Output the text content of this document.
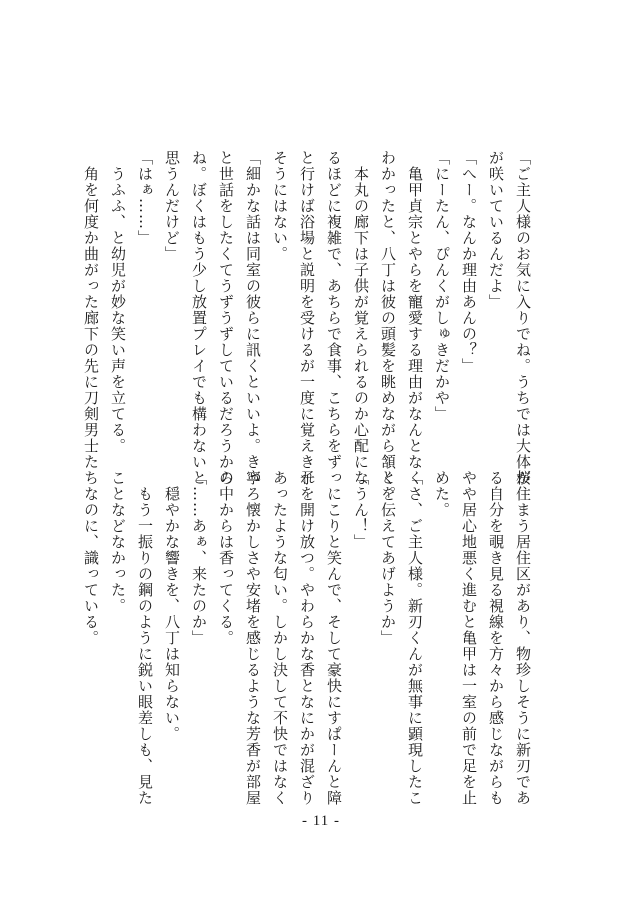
「ご主人様のお気に入りでね。うちでは大体桜
が咲いているんだよ」
「へー。なんか理由あんの？」
「にーたん、ぴんくがしゅきだかや」
　亀甲貞宗とやらを寵愛する理由がなんとなく
わかったと、八丁は彼の頭髪を眺めながら頷く。
　本丸の廊下は子供が覚えられるのか心配にな
るほどに複雑で、あちらで食事、こちらをずっ
と行けば浴場と説明を受けるが一度に覚えきれ
そうにはない。
「細かな話は同室の彼らに訊くといいよ。きっ
と世話をしたくてうずうずしているだろうから
ね。ぼくはもう少し放置プレイでも構わないと
思うんだけど」
「はぁ……」
　うふふ、と幼児が妙な笑い声を立てる。
　角を何度か曲がった廊下の先に刀剣男士たち
が住まう居住区があり、物珍しそうに新刃であ
る自分を覗き見る視線を方々から感じながらも
やや居心地悪く進むと亀甲は一室の前で足を止
めた。
「さ、ご主人様。新刃くんが無事に顕現したこ
とを伝えてあげようか」
「うん！」
　にこりと笑んで、そして豪快にすぱーんと障
子を開け放つ。やわらかな香となにかが混ざり
あったような匂い。しかし決して不快ではなく
寧ろ懐かしさや安堵を感じるような芳香が部屋
の中からは香ってくる。
「……あぁ、来たのか」
　穏やかな響きを、八丁は知らない。
　もう一振りの鋼のように鋭い眼差しも、見た
ことなどなかった。
　なのに、識っている。
- 11 -
